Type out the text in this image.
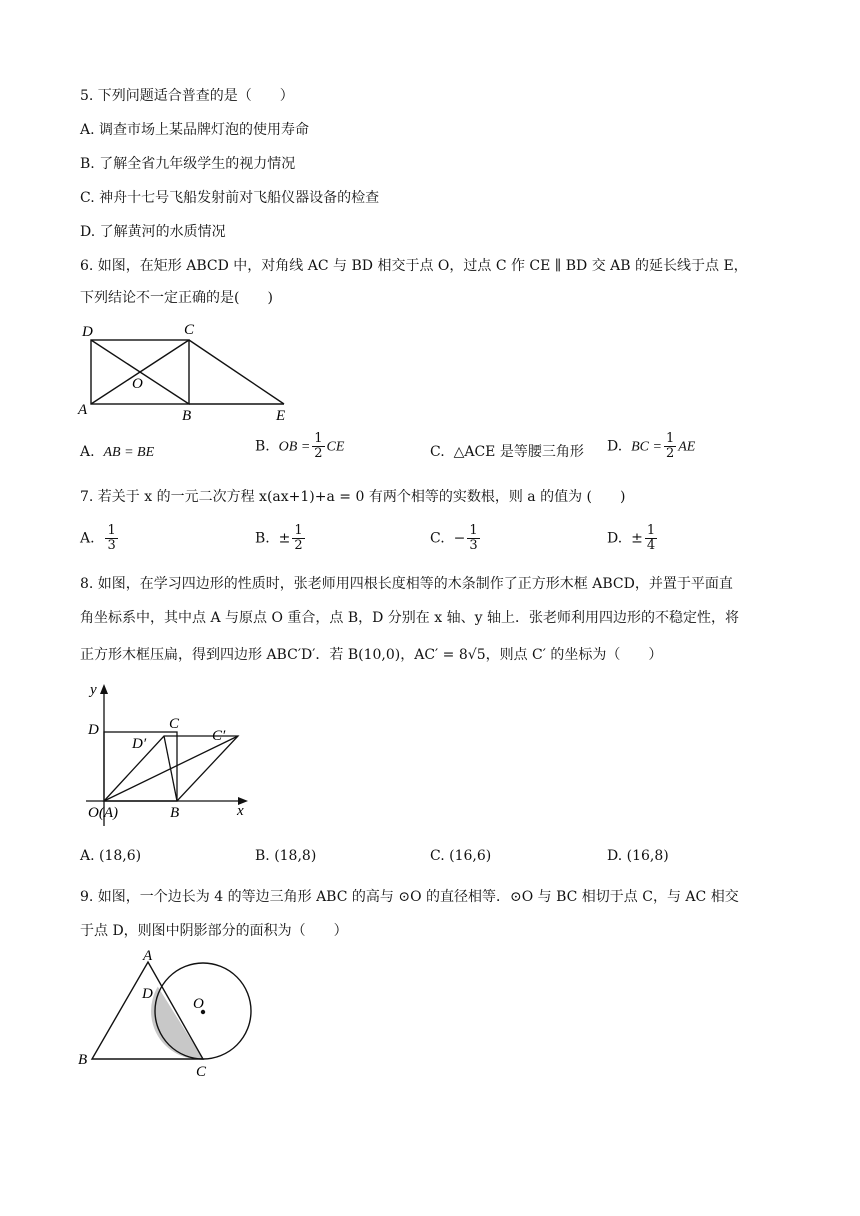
5. 下列问题适合普查的是（　　）
A. 调查市场上某品牌灯泡的使用寿命
B. 了解全省九年级学生的视力情况
C. 神舟十七号飞船发射前对飞船仪器设备的检查
D. 了解黄河的水质情况
6. 如图，在矩形 ABCD 中，对角线 AC 与 BD 相交于点 O，过点 C 作 CE ∥ BD 交 AB 的延长线于点 E，
下列结论不一定正确的是(　　)
D	C
O
A	B	E
A. AB = BE	B. OB = $\frac{1}{2}$ CE	C. △ACE 是等腰三角形 D. BC = $\frac{1}{2}$ AE
7. 若关于 x 的一元二次方程 x(ax+1)+a = 0 有两个相等的实数根，则 a 的值为 (　　)
A. $\frac{1}{3}$	B. ± $\frac{1}{2}$	C. − $\frac{1}{3}$	D. ± $\frac{1}{4}$
8. 如图，在学习四边形的性质时，张老师用四根长度相等的木条制作了正方形木框 ABCD，并置于平面直
角坐标系中，其中点 A 与原点 O 重合，点 B，D 分别在 x 轴、y 轴上．张老师利用四边形的不稳定性，将
正方形木框压扁，得到四边形 ABC′D′．若 B(10,0)，AC′ = 8√5，则点 C′ 的坐标为（　　）
y
x
D	C
D′	C′
O(A)	B
A. (18,6)	B. (18,8)	C. (16,6)	D. (16,8)
9. 如图，一个边长为 4 的等边三角形 ABC 的高与 ⊙O 的直径相等．⊙O 与 BC 相切于点 C，与 AC 相交
于点 D，则图中阴影部分的面积为（　　）
A
D
O
B
C
